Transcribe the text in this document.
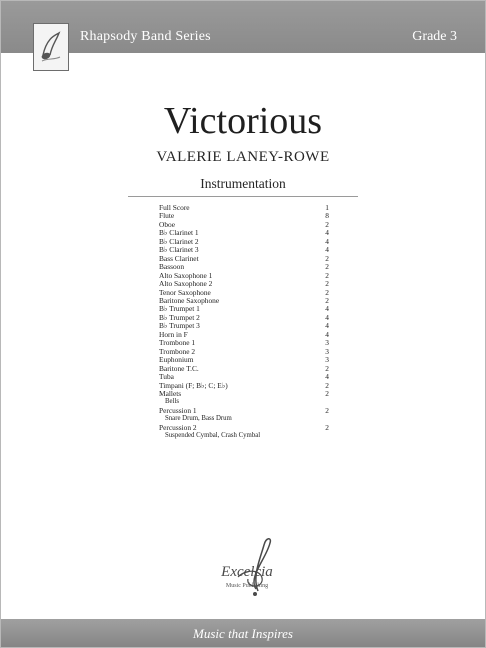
Rhapsody Band Series	Grade 3
Victorious
VALERIE LANEY-ROWE
Instrumentation
Full Score	1
Flute	8
Oboe	2
B♭ Clarinet 1	4
B♭ Clarinet 2	4
B♭ Clarinet 3	4
Bass Clarinet	2
Bassoon	2
Alto Saxophone 1	2
Alto Saxophone 2	2
Tenor Saxophone	2
Baritone Saxophone	2
B♭ Trumpet 1	4
B♭ Trumpet 2	4
B♭ Trumpet 3	4
Horn in F	4
Trombone 1	3
Trombone 2	3
Euphonium	3
Baritone T.C.	2
Tuba	4
Timpani (F; B♭; C; E♭)	2
Mallets	2
Bells
Percussion 1	2
Snare Drum, Bass Drum
Percussion 2	2
Suspended Cymbal, Crash Cymbal
Excelcia
Music Publishing
Music that Inspires
